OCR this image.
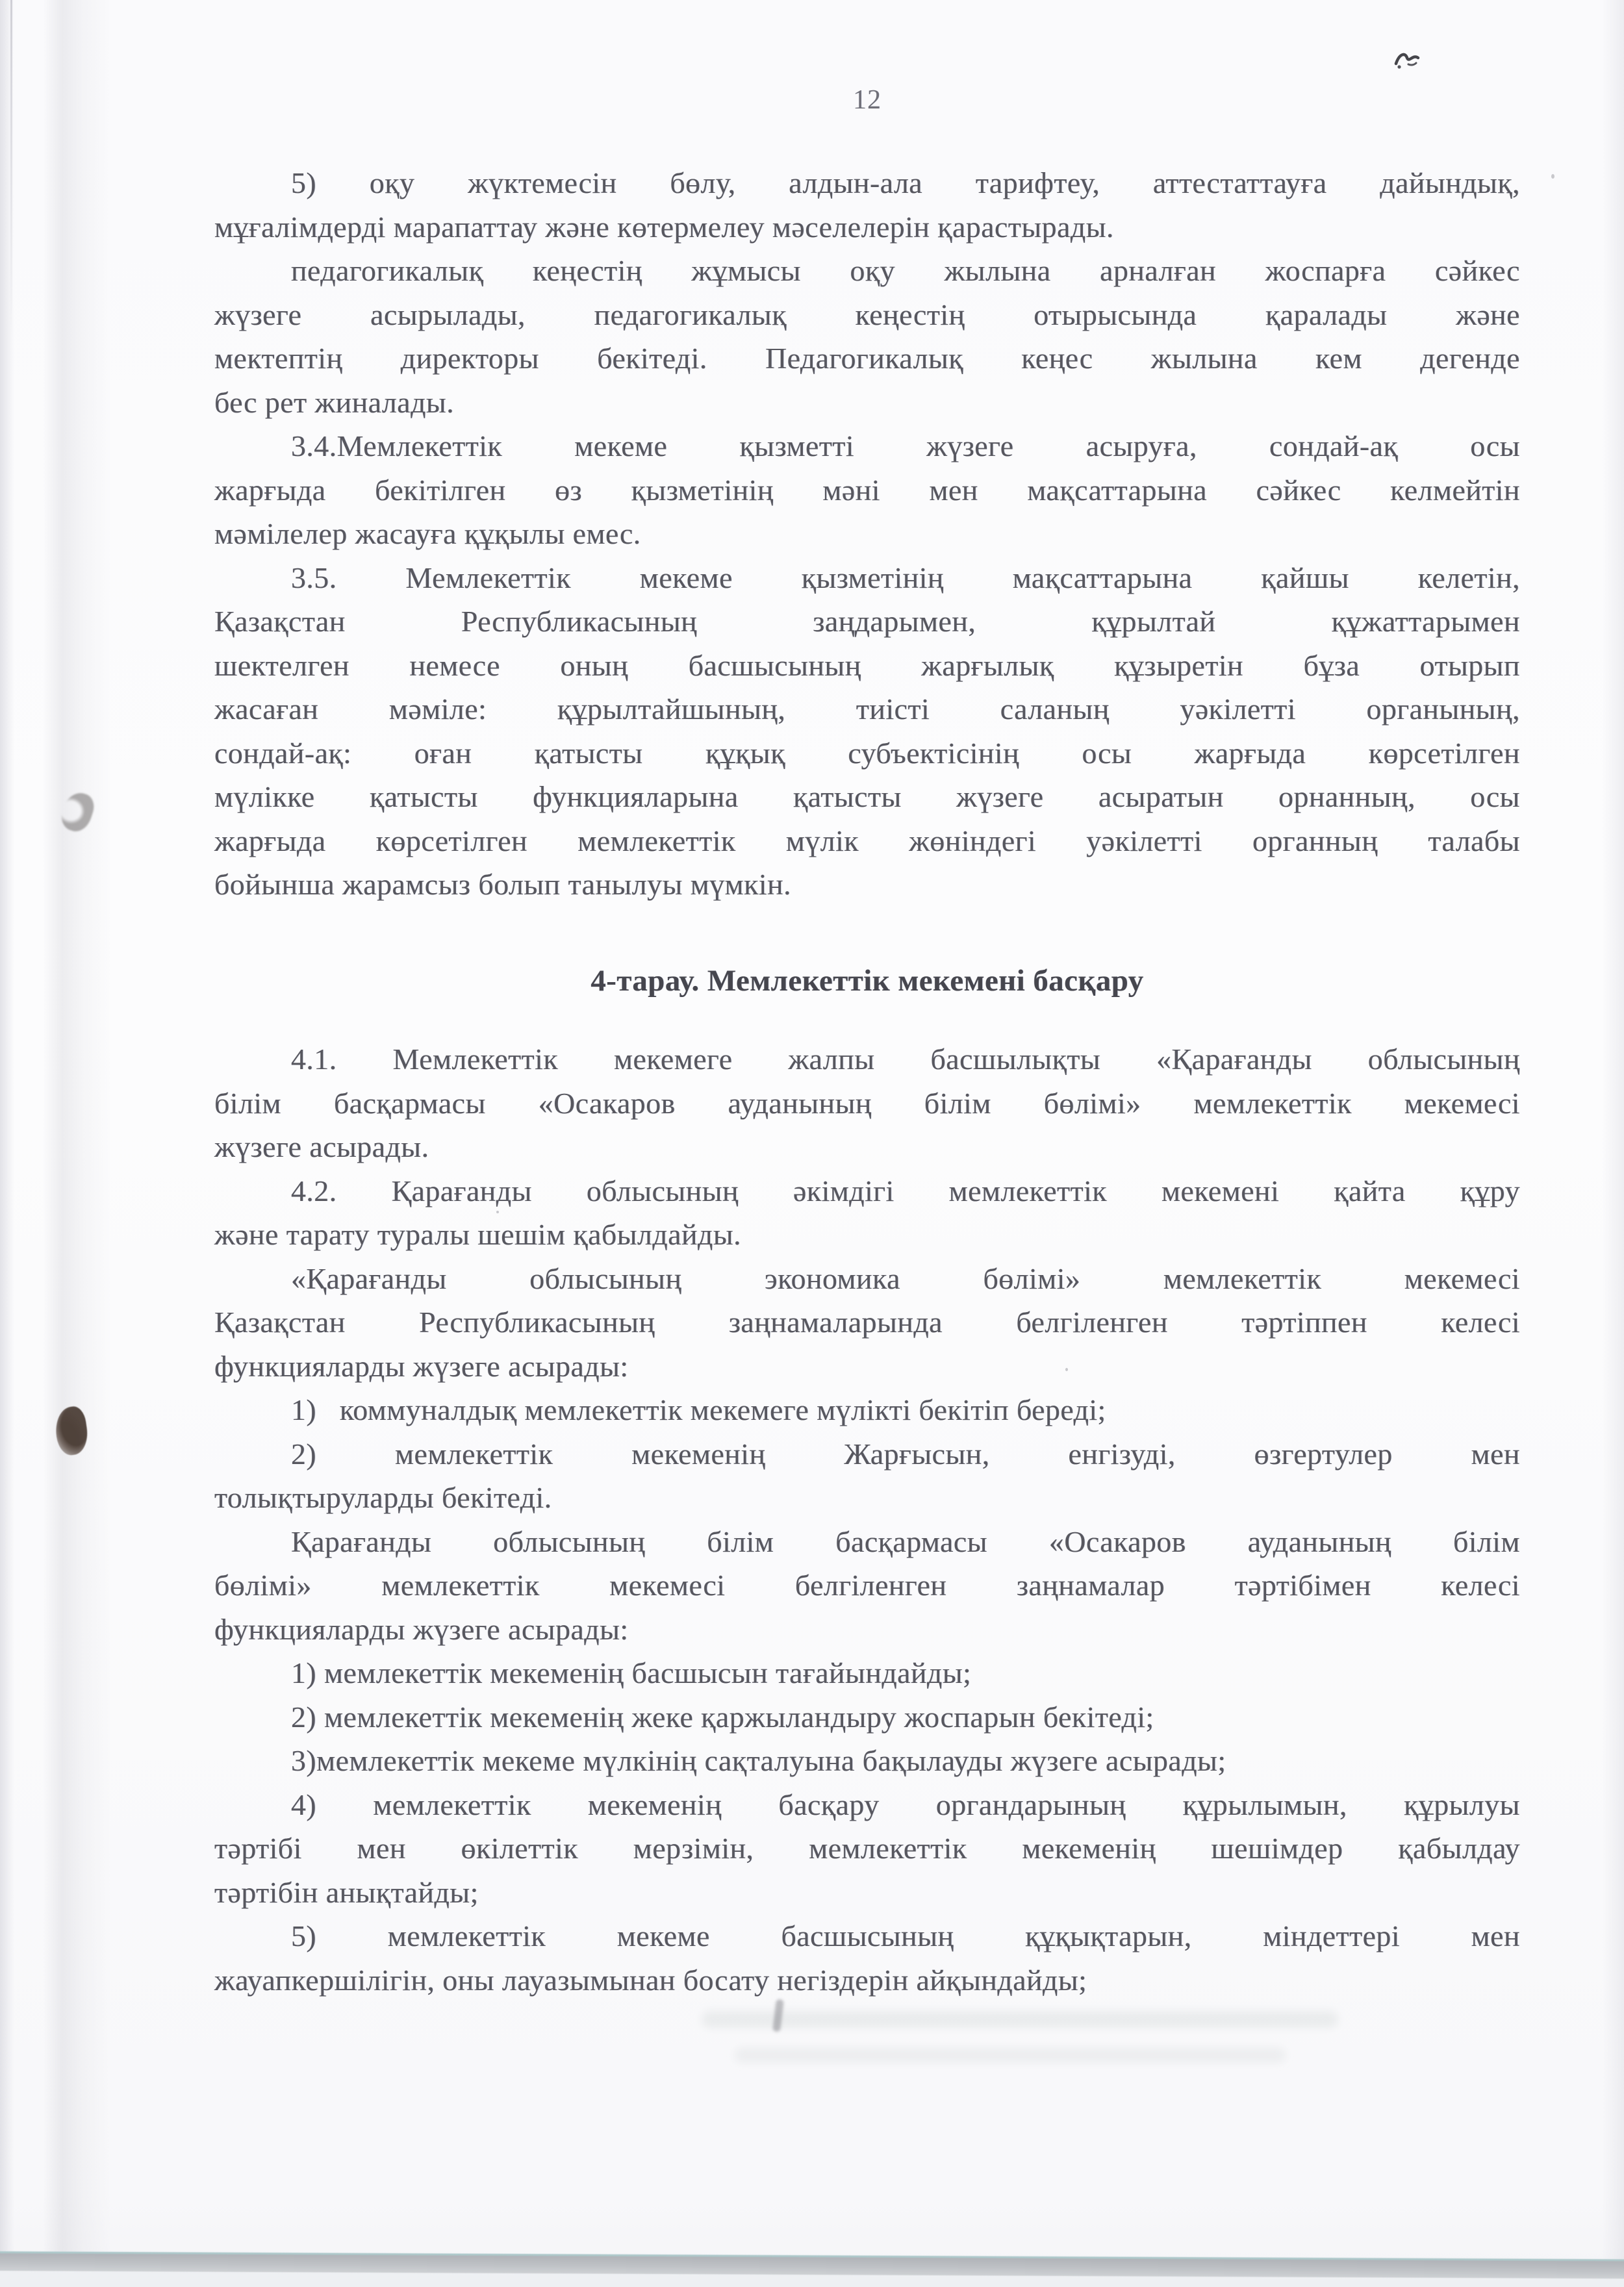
12
5) оқу жүктемесін бөлу, алдын-ала тарифтеу, аттестаттауға дайындық,
мұғалімдерді марапаттау және көтермелеу мәселелерін қарастырады.
педагогикалық кеңестің жұмысы оқу жылына арналған жоспарға сәйкес
жүзеге асырылады, педагогикалық кеңестің отырысында қаралады және
мектептің директоры бекітеді. Педагогикалық кеңес жылына кем дегенде
бес рет жиналады.
3.4.Мемлекеттік мекеме қызметті жүзеге асыруға, сондай-ақ осы
жарғыда бекітілген өз қызметінің мәні мен мақсаттарына сәйкес келмейтін
мәмілелер жасауға құқылы емес.
3.5. Мемлекеттік мекеме қызметінің мақсаттарына қайшы келетін,
Қазақстан Республикасының заңдарымен, құрылтай құжаттарымен
шектелген немесе оның басшысының жарғылық құзыретін бұза отырып
жасаған мәміле: құрылтайшының, тиісті саланың уәкілетті органының,
сондай-ақ: оған қатысты құқық субъектісінің осы жарғыда көрсетілген
мүлікке қатысты функцияларына қатысты жүзеге асыратын орнанның, осы
жарғыда көрсетілген мемлекеттік мүлік жөніндегі уәкілетті органның талабы
бойынша жарамсыз болып танылуы мүмкін.
4-тарау. Мемлекеттік мекемені басқару
4.1. Мемлекеттік мекемеге жалпы басшылықты «Қарағанды облысының
білім басқармасы «Осакаров ауданының білім бөлімі» мемлекеттік мекемесі
жүзеге асырады.
4.2. Қарағанды облысының әкімдігі мемлекеттік мекемені қайта құру
және тарату туралы шешім қабылдайды.
«Қарағанды облысының экономика бөлімі» мемлекеттік мекемесі
Қазақстан Республикасының заңнамаларында белгіленген тәртіппен келесі
функцияларды жүзеге асырады:
1)   коммуналдық мемлекеттік мекемеге мүлікті бекітіп береді;
2) мемлекеттік мекеменің Жарғысын, енгізуді, өзгертулер мен
толықтыруларды бекітеді.
Қарағанды облысының білім басқармасы «Осакаров ауданының білім
бөлімі» мемлекеттік мекемесі белгіленген заңнамалар тәртібімен келесі
функцияларды жүзеге асырады:
1) мемлекеттік мекеменің басшысын тағайындайды;
2) мемлекеттік мекеменің жеке қаржыландыру жоспарын бекітеді;
3)мемлекеттік мекеме мүлкінің сақталуына бақылауды жүзеге асырады;
4) мемлекеттік мекеменің басқару органдарының құрылымын, құрылуы
тәртібі мен өкілеттік мерзімін, мемлекеттік мекеменің шешімдер қабылдау
тәртібін анықтайды;
5) мемлекеттік мекеме басшысының құқықтарын, міндеттері мен
жауапкершілігін, оны лауазымынан босату негіздерін айқындайды;
